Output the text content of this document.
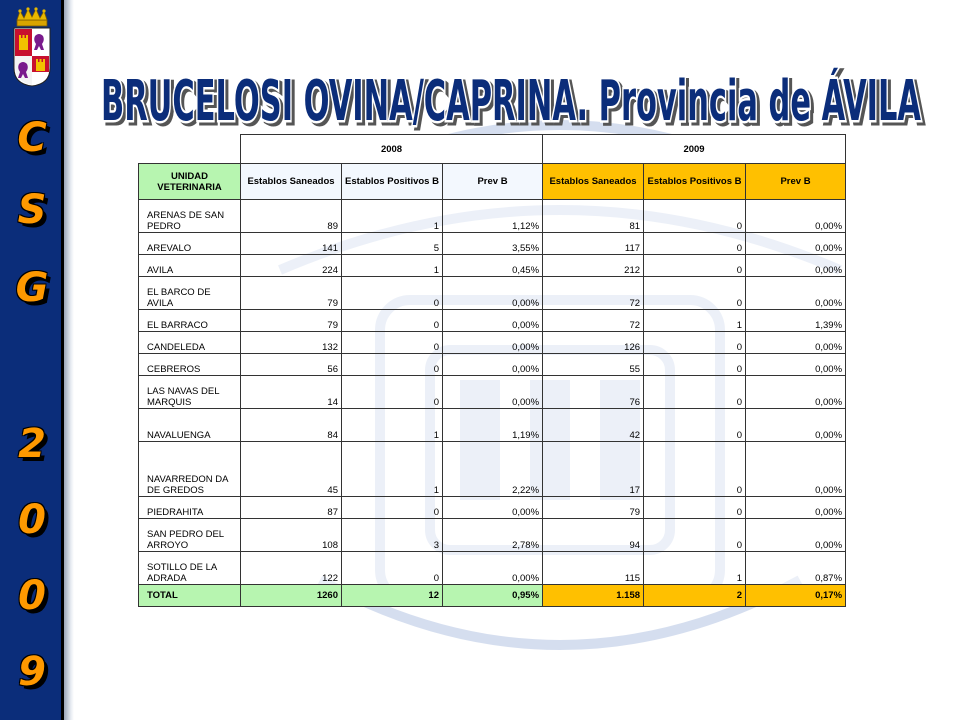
C
S
G
2
0
0
9
BRUCELOSI OVINA/CAPRINA. Provincia de ÁVILA
	2008			2009		
UNIDAD VETERINARIA	Establos Saneados	Establos Positivos B	Prev B	Establos Saneados	Establos Positivos B	Prev B
ARENAS DE SAN PEDRO	89	1	1,12%	81	0	0,00%
AREVALO	141	5	3,55%	117	0	0,00%
AVILA	224	1	0,45%	212	0	0,00%
EL BARCO DE AVILA	79	0	0,00%	72	0	0,00%
EL BARRACO	79	0	0,00%	72	1	1,39%
CANDELEDA	132	0	0,00%	126	0	0,00%
CEBREROS	56	0	0,00%	55	0	0,00%
LAS NAVAS DEL MARQUIS	14	0	0,00%	76	0	0,00%
NAVALUENGA	84	1	1,19%	42	0	0,00%
NAVARREDON DA DE GREDOS	45	1	2,22%	17	0	0,00%
PIEDRAHITA	87	0	0,00%	79	0	0,00%
SAN PEDRO DEL ARROYO	108	3	2,78%	94	0	0,00%
SOTILLO DE LA ADRADA	122	0	0,00%	115	1	0,87%
TOTAL	1260	12	0,95%	1.158	2	0,17%
